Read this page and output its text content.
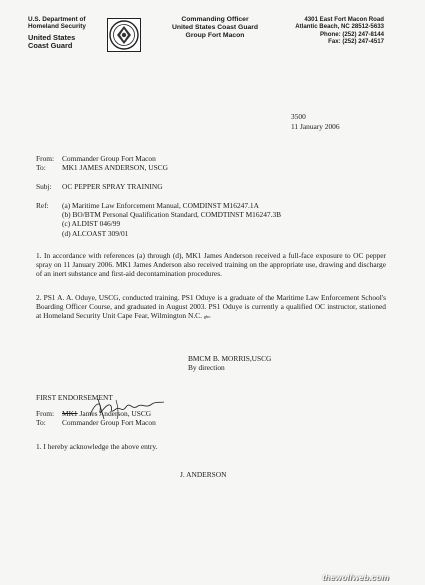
U.S. Department of
Homeland Security
United States
Coast Guard
Commanding Officer
United States Coast Guard
Group Fort Macon
4301 East Fort Macon Road
Atlantic Beach, NC 28512-5633
Phone: (252) 247-8144
Fax: (252) 247-4517
3500
11 January 2006
From:	Commander Group Fort Macon
To:	MK1 JAMES ANDERSON, USCG
Subj:	OC PEPPER SPRAY TRAINING
Ref:	(a) Maritime Law Enforcement Manual, COMDINST M16247.1A
(b) BO/BTM Personal Qualification Standard, COMDTINST M16247.3B
(c) ALDIST 046/99
(d) ALCOAST 309/01
1. In accordance with references (a) through (d), MK1 James Anderson received a full-face exposure to OC pepper spray on 11 January 2006. MK1 James Anderson also received training on the appropriate use, drawing and discharge of an inert substance and first-aid decontamination procedures.
2. PS1 A. A. Oduye, USCG, conducted training. PS1 Oduye is a graduate of the Maritime Law Enforcement School's Boarding Officer Course, and graduated in August 2003. PS1 Oduye is currently a qualified OC instructor, stationed at Homeland Security Unit Cape Fear, Wilmington N.C. gbo
BMCM B. MORRIS,USCG
By direction
FIRST ENDORSEMENT
From:	MK1 James Anderson, USCG
To:	Commander Group Fort Macon
1. I hereby acknowledge the above entry.
J. ANDERSON
thewolfweb.com
